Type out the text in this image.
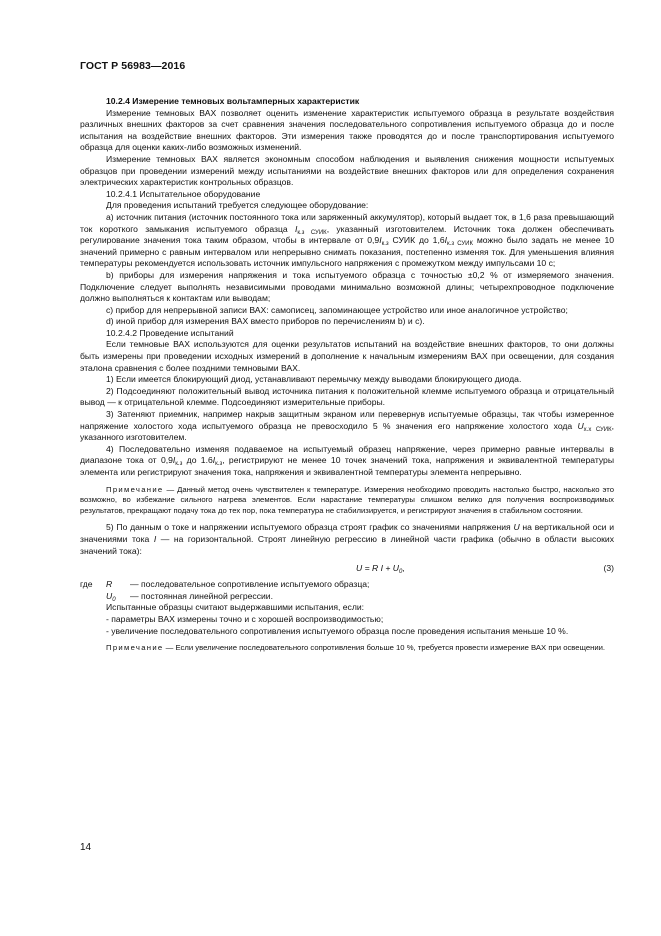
ГОСТ Р 56983—2016

10.2.4 Измерение темновых вольтамперных характеристик

Измерение темновых ВАХ позволяет оценить изменение характеристик испытуемого образца в результате воздействия различных внешних факторов за счет сравнения значения последовательного сопротивления испытуемого образца до и после испытания на воздействие внешних факторов. Эти измерения также проводятся до и после транспортирования испытуемого образца для оценки каких-либо возможных изменений.

Измерение темновых ВАХ является экономным способом наблюдения и выявления снижения мощности испытуемых образцов при проведении измерений между испытаниями на воздействие внешних факторов или для определения сохранения электрических характеристик контрольных образцов.

10.2.4.1 Испытательное оборудование

Для проведения испытаний требуется следующее оборудование:

а) источник питания (источник постоянного тока или заряженный аккумулятор), который выдает ток, в 1,6 раза превышающий ток короткого замыкания испытуемого образца $I_{к.з СУИК}$, указанный изготовителем. Источник тока должен обеспечивать регулирование значения тока таким образом, чтобы в интервале от $0,9I_{к.з}$ СУИК до $1,6I_{к.з СУИК}$ можно было задать не менее 10 значений примерно с равным интервалом или непрерывно снимать показания, постепенно изменяя ток. Для уменьшения влияния температуры рекомендуется использовать источник импульсного напряжения с промежутком между импульсами 10 с;

b) приборы для измерения напряжения и тока испытуемого образца с точностью ±0,2 % от измеряемого значения. Подключение следует выполнять независимыми проводами минимально возможной длины; четырехпроводное подключение должно выполняться к контактам или выводам;

c) прибор для непрерывной записи ВАХ: самописец, запоминающее устройство или иное аналогичное устройство;

d) иной прибор для измерения ВАХ вместо приборов по перечислениям b) и c).

10.2.4.2 Проведение испытаний

Если темновые ВАХ используются для оценки результатов испытаний на воздействие внешних факторов, то они должны быть измерены при проведении исходных измерений в дополнение к начальным измерениям ВАХ при освещении, для создания эталона сравнения с более поздними темновыми ВАХ.

1) Если имеется блокирующий диод, устанавливают перемычку между выводами блокирующего диода.

2) Подсоединяют положительный вывод источника питания к положительной клемме испытуемого образца и отрицательный вывод — к отрицательной клемме. Подсоединяют измерительные приборы.

3) Затеняют приемник, например накрыв защитным экраном или перевернув испытуемые образцы, так чтобы измеренное напряжение холостого хода испытуемого образца не превосходило 5 % значения его напряжение холостого хода $U_{х.х СУИК}$, указанного изготовителем.

4) Последовательно изменяя подаваемое на испытуемый образец напряжение, через примерно равные интервалы в диапазоне тока от $0,9I_{к.з}$ до $1.6I_{к.з}$, регистрируют не менее 10 точек значений тока, напряжения и эквивалентной температуры элемента или регистрируют значения тока, напряжения и эквивалентной температуры элемента непрерывно.

Примечание — Данный метод очень чувствителен к температуре. Измерения необходимо проводить настолько быстро, насколько это возможно, во избежание сильного нагрева элементов. Если нарастание температуры слишком велико для получения воспроизводимых результатов, прекращают подачу тока до тех пор, пока температура не стабилизируется, и регистрируют значения в стабильном состоянии.

5) По данным о токе и напряжении испытуемого образца строят график со значениями напряжения U на вертикальной оси и значениями тока I — на горизонтальной. Строят линейную регрессию в линейной части графика (обычно в области высоких значений тока):

U = R $I + U_0$,	(3)
где	R	— последовательное сопротивление испытуемого образца;
$U_0$	— постоянная линейной регрессии.

Испытанные образцы считают выдержавшими испытания, если:

- параметры ВАХ измерены точно и с хорошей воспроизводимостью;

- увеличение последовательного сопротивления испытуемого образца после проведения испытания меньше 10 %.

Примечание — Если увеличение последовательного сопротивления больше 10 %, требуется провести измерение ВАХ при освещении.

14
